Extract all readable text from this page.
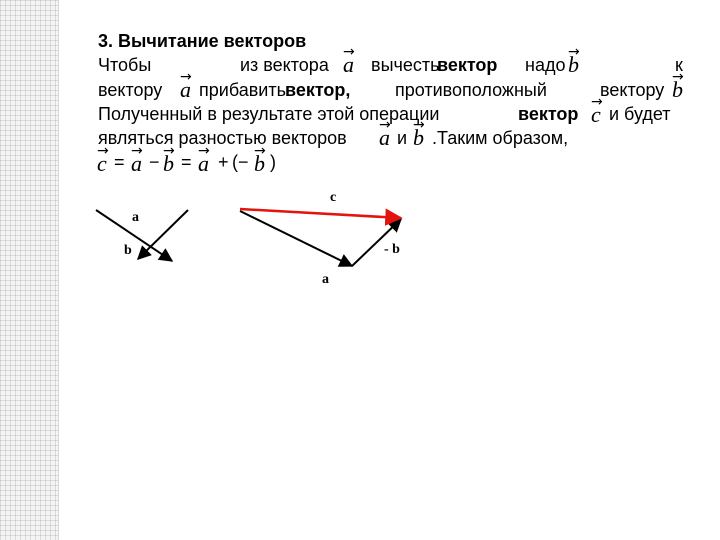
3. Вычитание векторов
Чтобы	из вектора → a вычесть
вектор надо → b	к
вектору → a прибавить вектор, противоположный	вектору → b
Полученный в результате этой операции	вектор → c и будет
являться разностью векторов → a и → b .Таким образом,
→ c = → a − → b = → a + (− → b )
a
b
c
a
- b
